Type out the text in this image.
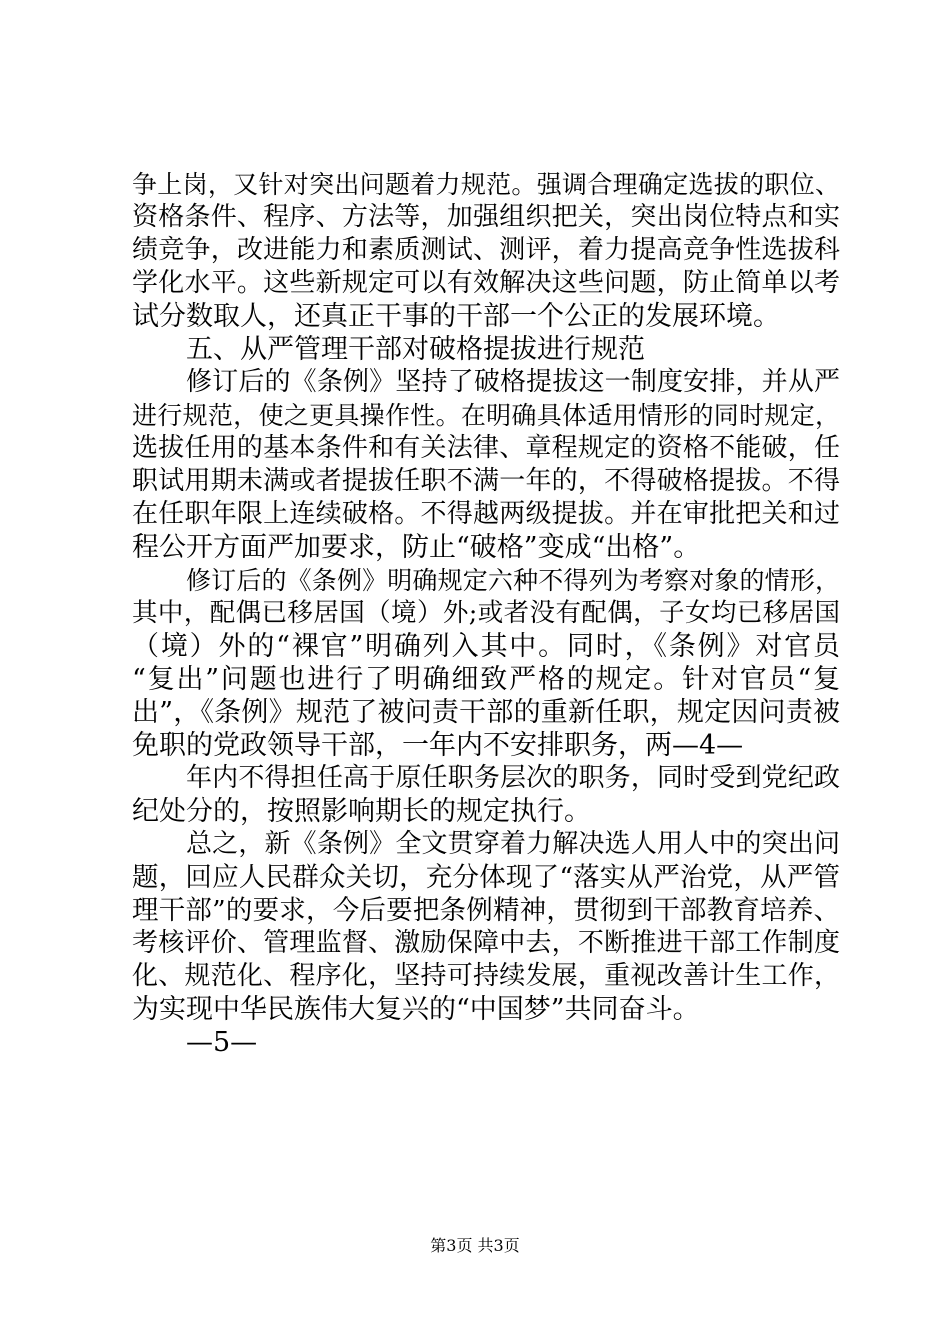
争上岗，又针对突出问题着力规范。强调合理确定选拔的职位、
资格条件、程序、方法等，加强组织把关，突出岗位特点和实
绩竞争，改进能力和素质测试、测评，着力提高竞争性选拔科
学化水平。这些新规定可以有效解决这些问题，防止简单以考
试分数取人，还真正干事的干部一个公正的发展环境。
五、从严管理干部对破格提拔进行规范
修订后的《条例》坚持了破格提拔这一制度安排，并从严
进行规范，使之更具操作性。在明确具体适用情形的同时规定，
选拔任用的基本条件和有关法律、章程规定的资格不能破，任
职试用期未满或者提拔任职不满一年的，不得破格提拔。不得
在任职年限上连续破格。不得越两级提拔。并在审批把关和过
程公开方面严加要求，防止“破格”变成“出格”。
修订后的《条例》明确规定六种不得列为考察对象的情形，
其中，配偶已移居国（境）外;或者没有配偶，子女均已移居国
（境）外的“裸官”明确列入其中。同时，《条例》对官员
“复出”问题也进行了明确细致严格的规定。针对官员“复
出”，《条例》规范了被问责干部的重新任职，规定因问责被
免职的党政领导干部，一年内不安排职务，两—4—
年内不得担任高于原任职务层次的职务，同时受到党纪政
纪处分的，按照影响期长的规定执行。
总之，新《条例》全文贯穿着力解决选人用人中的突出问
题，回应人民群众关切，充分体现了“落实从严治党，从严管
理干部”的要求，今后要把条例精神，贯彻到干部教育培养、
考核评价、管理监督、激励保障中去，不断推进干部工作制度
化、规范化、程序化，坚持可持续发展，重视改善计生工作，
为实现中华民族伟大复兴的“中国梦”共同奋斗。
—5—
第3页 共3页
